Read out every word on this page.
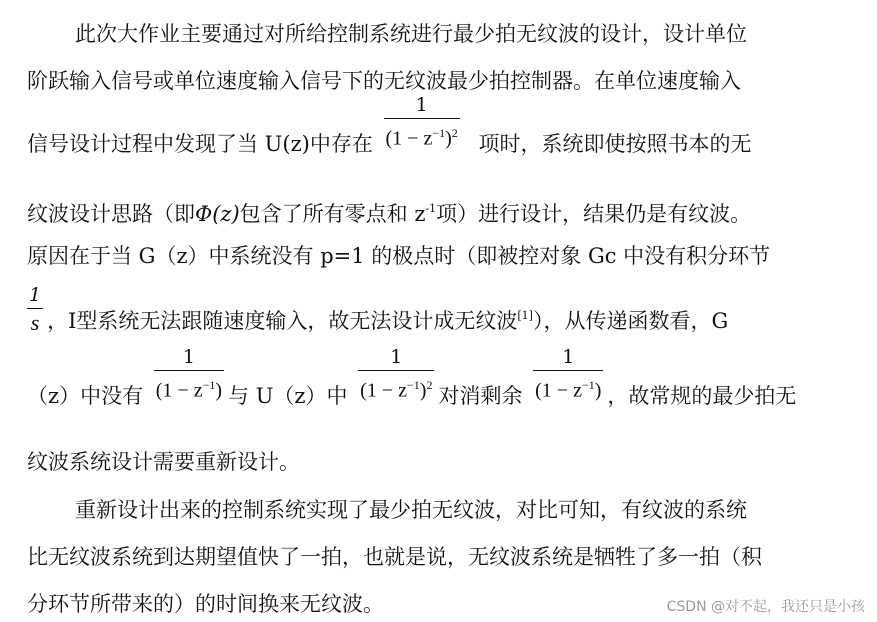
此次大作业主要通过对所给控制系统进行最少拍无纹波的设计，设计单位
阶跃输入信号或单位速度输入信号下的无纹波最少拍控制器。在单位速度输入
信号设计过程中发现了当 U(z)中存在 $\frac{1}{(1 - z^{-1})^2}$ 项时，系统即使按照书本的无
纹波设计思路（即Φ(z)包含了所有零点和 $z^{-1}$项）进行设计，结果仍是有纹波。
原因在于当 G（z）中系统没有 p=1 的极点时（即被控对象 Gc 中没有积分环节
$\frac{1}{s}$ ，Ⅰ型系统无法跟随速度输入，故无法设计成无纹波[1]），从传递函数看，G
（z）中没有 $\frac{1}{(1 - z^{-1})}$ 与 U（z）中 $\frac{1}{(1 - z^{-1})^2}$ 对消剩余 $\frac{1}{(1 - z^{-1})}$ ，故常规的最少拍无
纹波系统设计需要重新设计。
重新设计出来的控制系统实现了最少拍无纹波，对比可知，有纹波的系统
比无纹波系统到达期望值快了一拍，也就是说，无纹波系统是牺牲了多一拍（积
分环节所带来的）的时间换来无纹波。	CSDN @对不起，我还只是小孩
